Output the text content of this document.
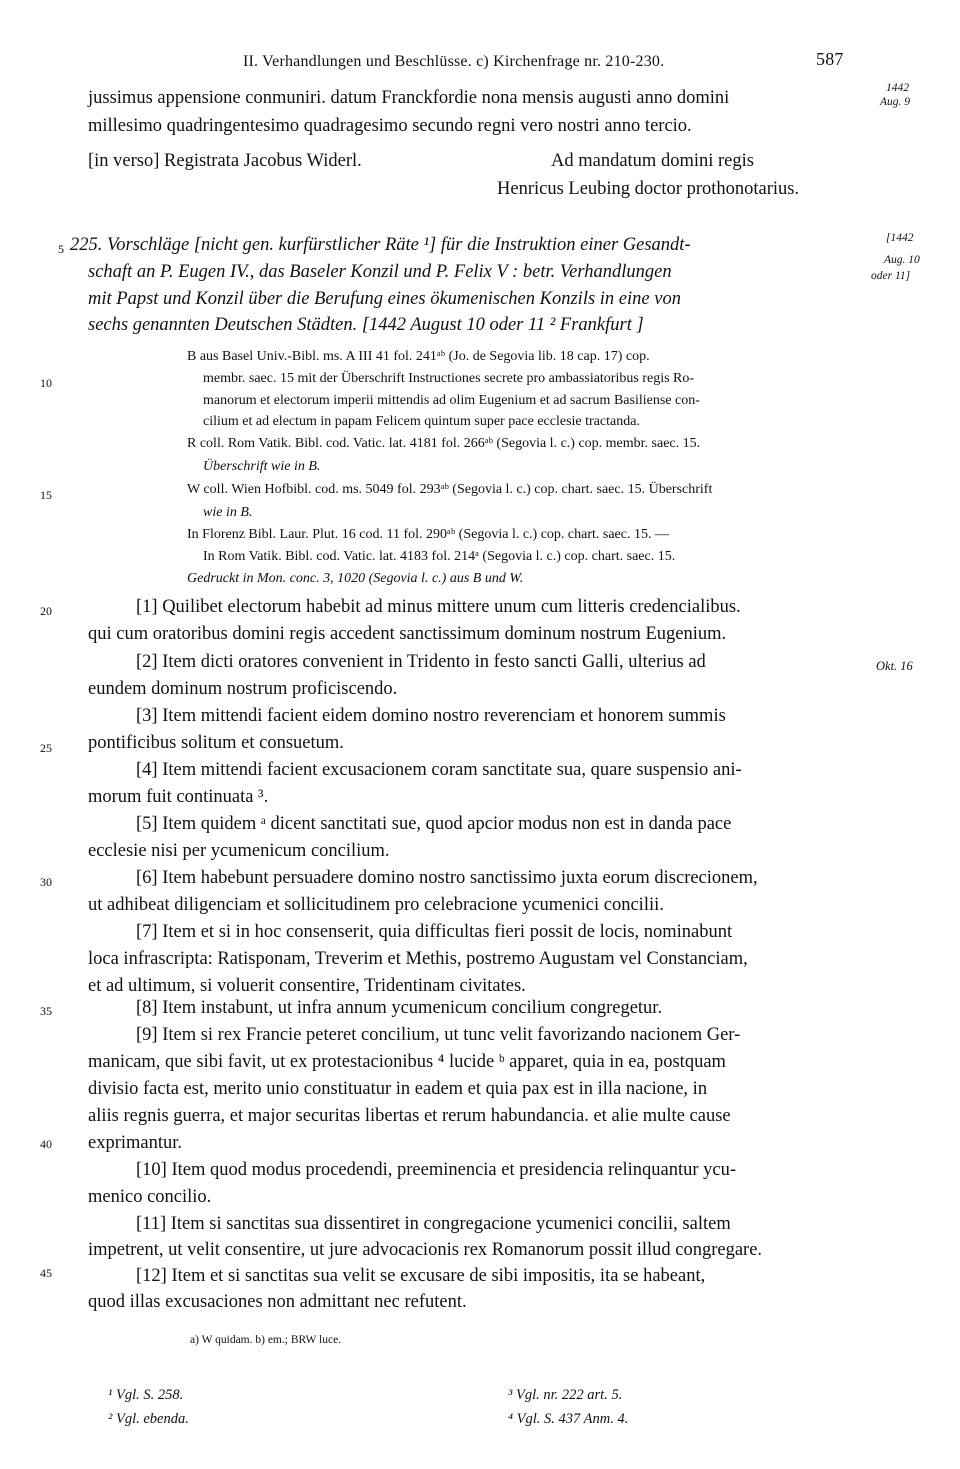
II. Verhandlungen und Beschlüsse. c) Kirchenfrage nr. 210-230.	587
jussimus appensione conmuniri. datum Franckfordie nona mensis augusti anno domini
millesimo quadringentesimo quadragesimo secundo regni vero nostri anno tercio.
[in verso] Registrata Jacobus Widerl.	Ad mandatum domini regis
Henricus Leubing doctor prothonotarius.
1442
Aug. 9
5 225. Vorschläge [nicht gen. kurfürstlicher Räte ¹] für die Instruktion einer Gesandt-
schaft an P. Eugen IV., das Baseler Konzil und P. Felix V : betr. Verhandlungen
mit Papst und Konzil über die Berufung eines ökumenischen Konzils in eine von
sechs genannten Deutschen Städten. [1442 August 10 oder 11 ² Frankfurt ]
[1442
Aug. 10
oder 11]
B aus Basel Univ.-Bibl. ms. A III 41 fol. 241ᵃᵇ (Jo. de Segovia lib. 18 cap. 17) cop.
membr. saec. 15 mit der Überschrift Instructiones secrete pro ambassiatoribus regis Ro-
manorum et electorum imperii mittendis ad olim Eugenium et ad sacrum Basiliense con-
cilium et ad electum in papam Felicem quintum super pace ecclesie tractanda.
R coll. Rom Vatik. Bibl. cod. Vatic. lat. 4181 fol. 266ᵃᵇ (Segovia l. c.) cop. membr. saec. 15.
Überschrift wie in B.
W coll. Wien Hofbibl. cod. ms. 5049 fol. 293ᵃᵇ (Segovia l. c.) cop. chart. saec. 15. Überschrift
wie in B.
In Florenz Bibl. Laur. Plut. 16 cod. 11 fol. 290ᵃᵇ (Segovia l. c.) cop. chart. saec. 15. —
In Rom Vatik. Bibl. cod. Vatic. lat. 4183 fol. 214ᵃ (Segovia l. c.) cop. chart. saec. 15.
Gedruckt in Mon. conc. 3, 1020 (Segovia l. c.) aus B und W.
10
15
20
25
30
35
40
45
[1] Quilibet electorum habebit ad minus mittere unum cum litteris credencialibus.
qui cum oratoribus domini regis accedent sanctissimum dominum nostrum Eugenium.
[2] Item dicti oratores convenient in Tridento in festo sancti Galli, ulterius ad
eundem dominum nostrum proficiscendo.
[3] Item mittendi facient eidem domino nostro reverenciam et honorem summis
pontificibus solitum et consuetum.
[4] Item mittendi facient excusacionem coram sanctitate sua, quare suspensio ani-
morum fuit continuata ³.
[5] Item quidem ᵃ dicent sanctitati sue, quod apcior modus non est in danda pace
ecclesie nisi per ycumenicum concilium.
[6] Item habebunt persuadere domino nostro sanctissimo juxta eorum discrecionem,
ut adhibeat diligenciam et sollicitudinem pro celebracione ycumenici concilii.
[7] Item et si in hoc consenserit, quia difficultas fieri possit de locis, nominabunt
loca infrascripta: Ratisponam, Treverim et Methis, postremo Augustam vel Constanciam,
et ad ultimum, si voluerit consentire, Tridentinam civitates.
[8] Item instabunt, ut infra annum ycumenicum concilium congregetur.
[9] Item si rex Francie peteret concilium, ut tunc velit favorizando nacionem Ger-
manicam, que sibi favit, ut ex protestacionibus ⁴ lucide ᵇ apparet, quia in ea, postquam
divisio facta est, merito unio constituatur in eadem et quia pax est in illa nacione, in
aliis regnis guerra, et major securitas libertas et rerum habundancia. et alie multe cause
exprimantur.
[10] Item quod modus procedendi, preeminencia et presidencia relinquantur ycu-
menico concilio.
[11] Item si sanctitas sua dissentiret in congregacione ycumenici concilii, saltem
impetrent, ut velit consentire, ut jure advocacionis rex Romanorum possit illud congregare.
[12] Item et si sanctitas sua velit se excusare de sibi impositis, ita se habeant,
quod illas excusaciones non admittant nec refutent.
Okt. 16
a) W quidam. b) em.; BRW luce.
¹ Vgl. S. 258.
² Vgl. ebenda.
³ Vgl. nr. 222 art. 5.
⁴ Vgl. S. 437 Anm. 4.
